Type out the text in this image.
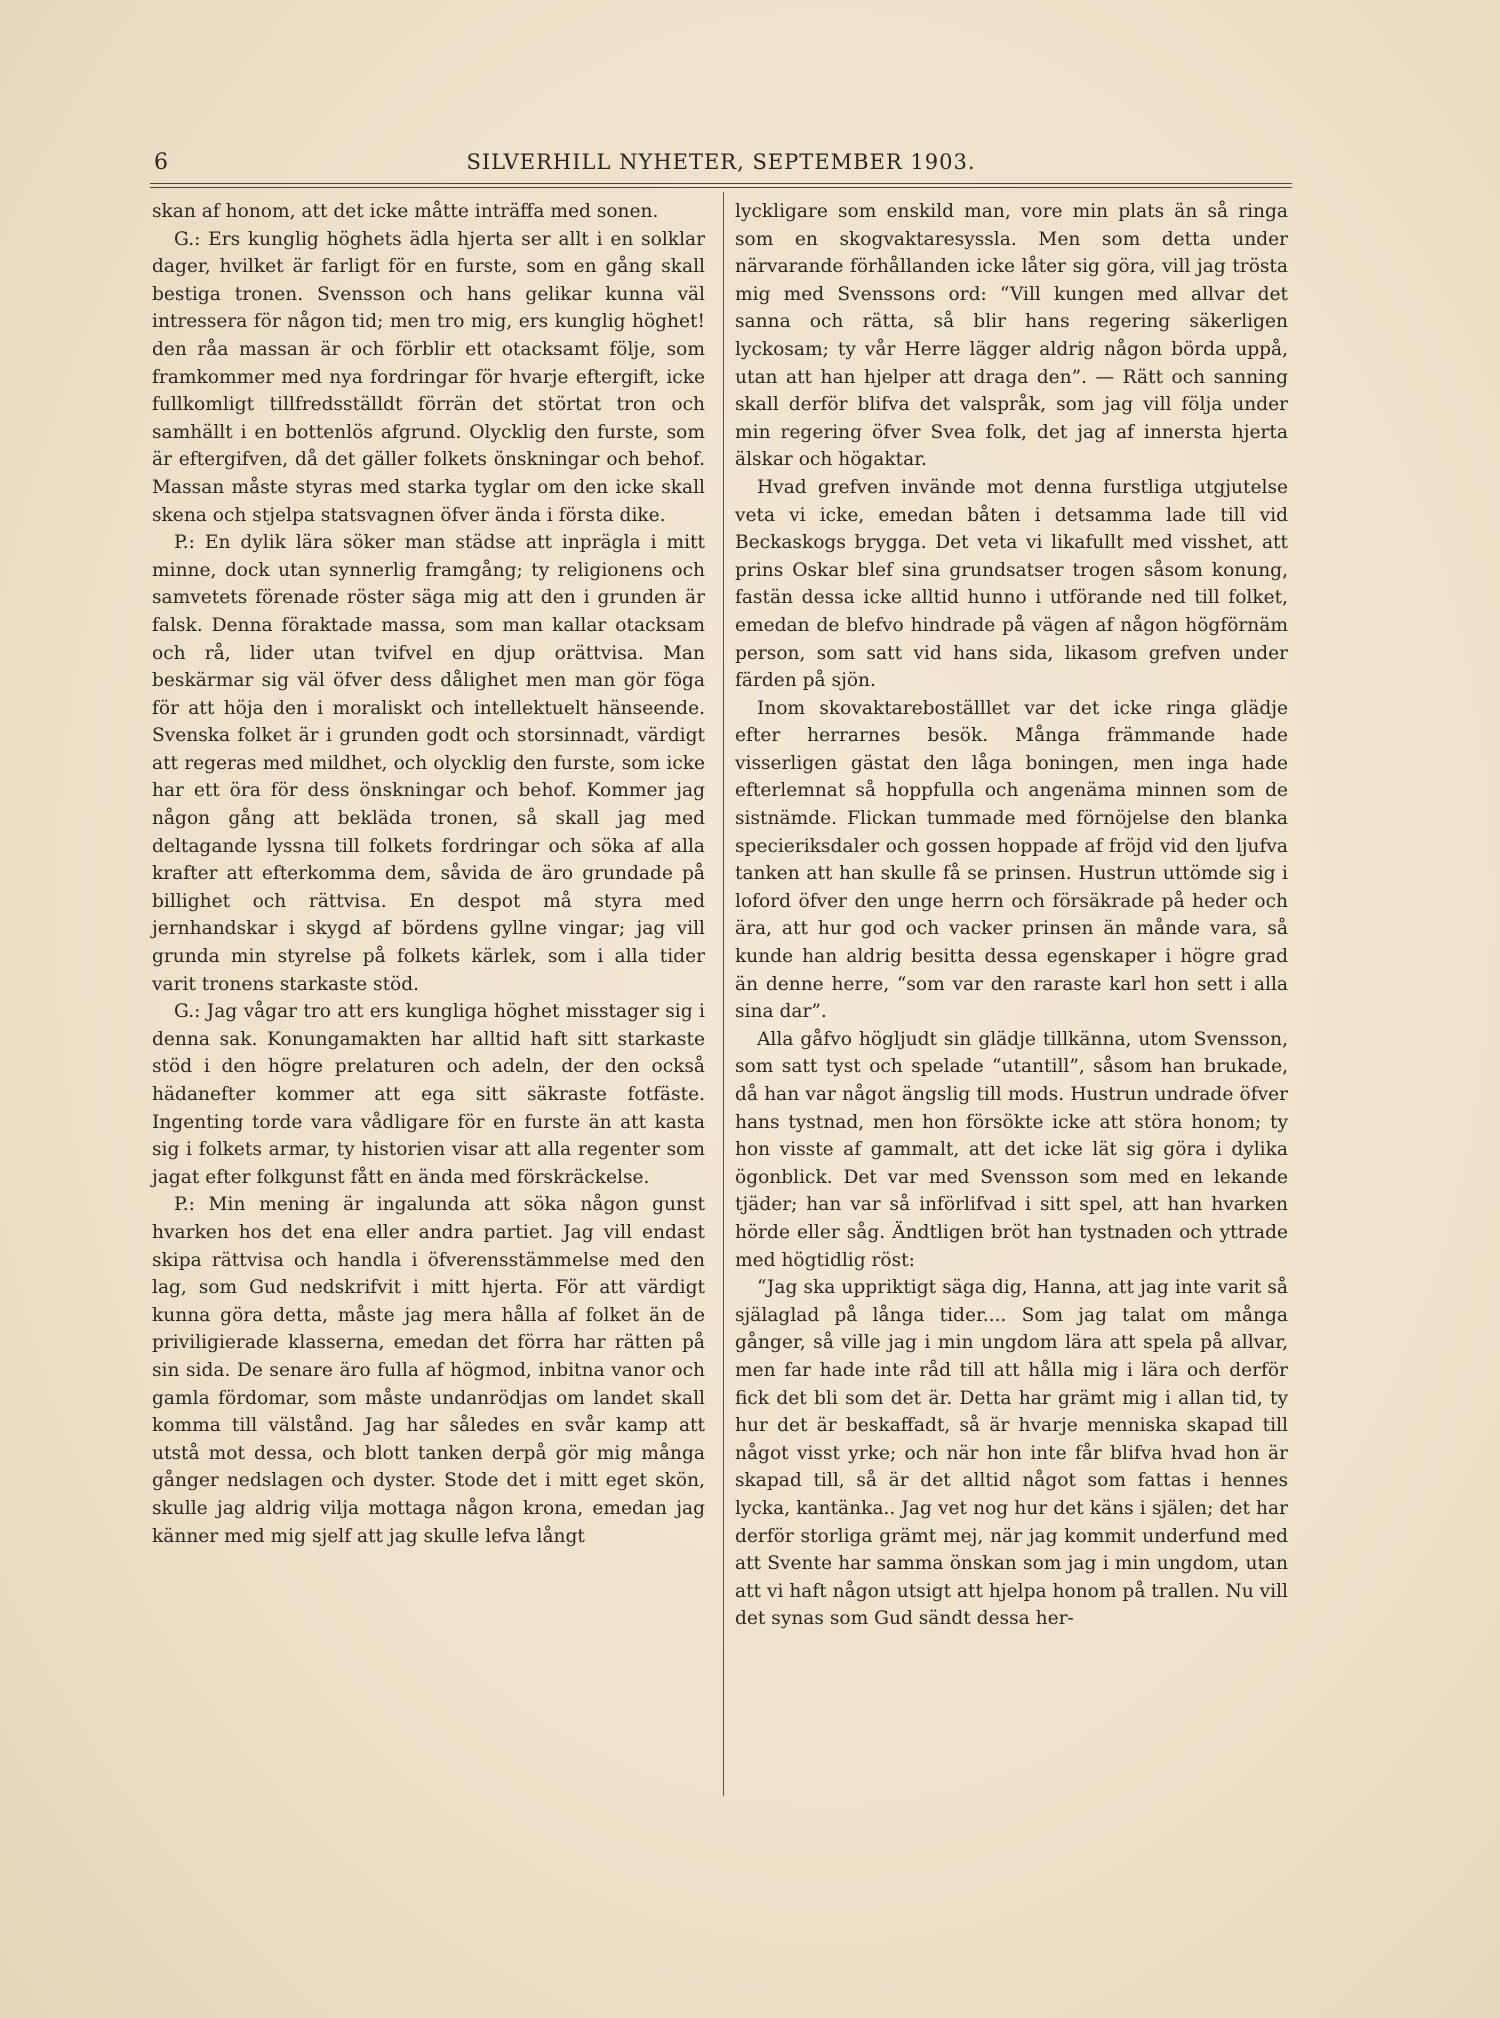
6	SILVERHILL NYHETER, SEPTEMBER 1903.

skan af honom, att det icke måtte inträffa med sonen.

G.: Ers kunglig höghets ädla hjerta ser allt i en solklar dager, hvilket är farligt för en furste, som en gång skall bestiga tronen. Svensson och hans gelikar kunna väl intressera för någon tid; men tro mig, ers kunglig höghet! den råa massan är och förblir ett otacksamt följe, som framkommer med nya fordringar för hvarje eftergift, icke fullkomligt tillfredsställdt förrän det störtat tron och samhällt i en bottenlös afgrund. Olycklig den furste, som är eftergifven, då det gäller folkets önskningar och behof. Massan måste styras med starka tyglar om den icke skall skena och stjelpa statsvagnen öfver ända i första dike.

P.: En dylik lära söker man städse att inprägla i mitt minne, dock utan synnerlig framgång; ty religionens och samvetets förenade röster säga mig att den i grunden är falsk. Denna föraktade massa, som man kallar otacksam och rå, lider utan tvifvel en djup orättvisa. Man beskärmar sig väl öfver dess dålighet men man gör föga för att höja den i moraliskt och intellektuelt hänseende. Svenska folket är i grunden godt och storsinnadt, värdigt att regeras med mildhet, och olycklig den furste, som icke har ett öra för dess önskningar och behof. Kommer jag någon gång att bekläda tronen, så skall jag med deltagande lyssna till folkets fordringar och söka af alla krafter att efterkomma dem, såvida de äro grundade på billighet och rättvisa. En despot må styra med jernhandskar i skygd af bördens gyllne vingar; jag vill grunda min styrelse på folkets kärlek, som i alla tider varit tronens starkaste stöd.

G.: Jag vågar tro att ers kungliga höghet misstager sig i denna sak. Konungamakten har alltid haft sitt starkaste stöd i den högre prelaturen och adeln, der den också hädanefter kommer att ega sitt säkraste fotfäste. Ingenting torde vara vådligare för en furste än att kasta sig i folkets armar, ty historien visar att alla regenter som jagat efter folkgunst fått en ända med förskräckelse.

P.: Min mening är ingalunda att söka någon gunst hvarken hos det ena eller andra partiet. Jag vill endast skipa rättvisa och handla i öfverensstämmelse med den lag, som Gud nedskrifvit i mitt hjerta. För att värdigt kunna göra detta, måste jag mera hålla af folket än de priviligierade klasserna, emedan det förra har rätten på sin sida. De senare äro fulla af högmod, inbitna vanor och gamla fördomar, som måste undanrödjas om landet skall komma till välstånd. Jag har således en svår kamp att utstå mot dessa, och blott tanken derpå gör mig många gånger nedslagen och dyster. Stode det i mitt eget skön, skulle jag aldrig vilja mottaga någon krona, emedan jag känner med mig sjelf att jag skulle lefva långt

lyckligare som enskild man, vore min plats än så ringa som en skogvaktaresyssla. Men som detta under närvarande förhållanden icke låter sig göra, vill jag trösta mig med Svenssons ord: “Vill kungen med allvar det sanna och rätta, så blir hans regering säkerligen lyckosam; ty vår Herre lägger aldrig någon börda uppå, utan att han hjelper att draga den”. — Rätt och sanning skall derför blifva det valspråk, som jag vill följa under min regering öfver Svea folk, det jag af innersta hjerta älskar och högaktar.

Hvad grefven invände mot denna furstliga utgjutelse veta vi icke, emedan båten i detsamma lade till vid Beckaskogs brygga. Det veta vi likafullt med visshet, att prins Oskar blef sina grundsatser trogen såsom konung, fastän dessa icke alltid hunno i utförande ned till folket, emedan de blefvo hindrade på vägen af någon högförnäm person, som satt vid hans sida, likasom grefven under färden på sjön.

Inom skovaktareboställlet var det icke ringa glädje efter herrarnes besök. Många främmande hade visserligen gästat den låga boningen, men inga hade efterlemnat så hoppfulla och angenäma minnen som de sistnämde. Flickan tummade med förnöjelse den blanka specieriksdaler och gossen hoppade af fröjd vid den ljufva tanken att han skulle få se prinsen. Hustrun uttömde sig i loford öfver den unge herrn och försäkrade på heder och ära, att hur god och vacker prinsen än månde vara, så kunde han aldrig besitta dessa egenskaper i högre grad än denne herre, “som var den raraste karl hon sett i alla sina dar”.

Alla gåfvo högljudt sin glädje tillkänna, utom Svensson, som satt tyst och spelade “utantill”, såsom han brukade, då han var något ängslig till mods. Hustrun undrade öfver hans tystnad, men hon försökte icke att störa honom; ty hon visste af gammalt, att det icke lät sig göra i dylika ögonblick. Det var med Svensson som med en lekande tjäder; han var så införlifvad i sitt spel, att han hvarken hörde eller såg. Ändtligen bröt han tystnaden och yttrade med högtidlig röst:

“Jag ska uppriktigt säga dig, Hanna, att jag inte varit så själaglad på långa tider.... Som jag talat om många gånger, så ville jag i min ungdom lära att spela på allvar, men far hade inte råd till att hålla mig i lära och derför fick det bli som det är. Detta har grämt mig i allan tid, ty hur det är beskaffadt, så är hvarje menniska skapad till något visst yrke; och när hon inte får blifva hvad hon är skapad till, så är det alltid något som fattas i hennes lycka, kantänka.. Jag vet nog hur det käns i själen; det har derför storliga grämt mej, när jag kommit underfund med att Svente har samma önskan som jag i min ungdom, utan att vi haft någon utsigt att hjelpa honom på trallen. Nu vill det synas som Gud sändt dessa her-
